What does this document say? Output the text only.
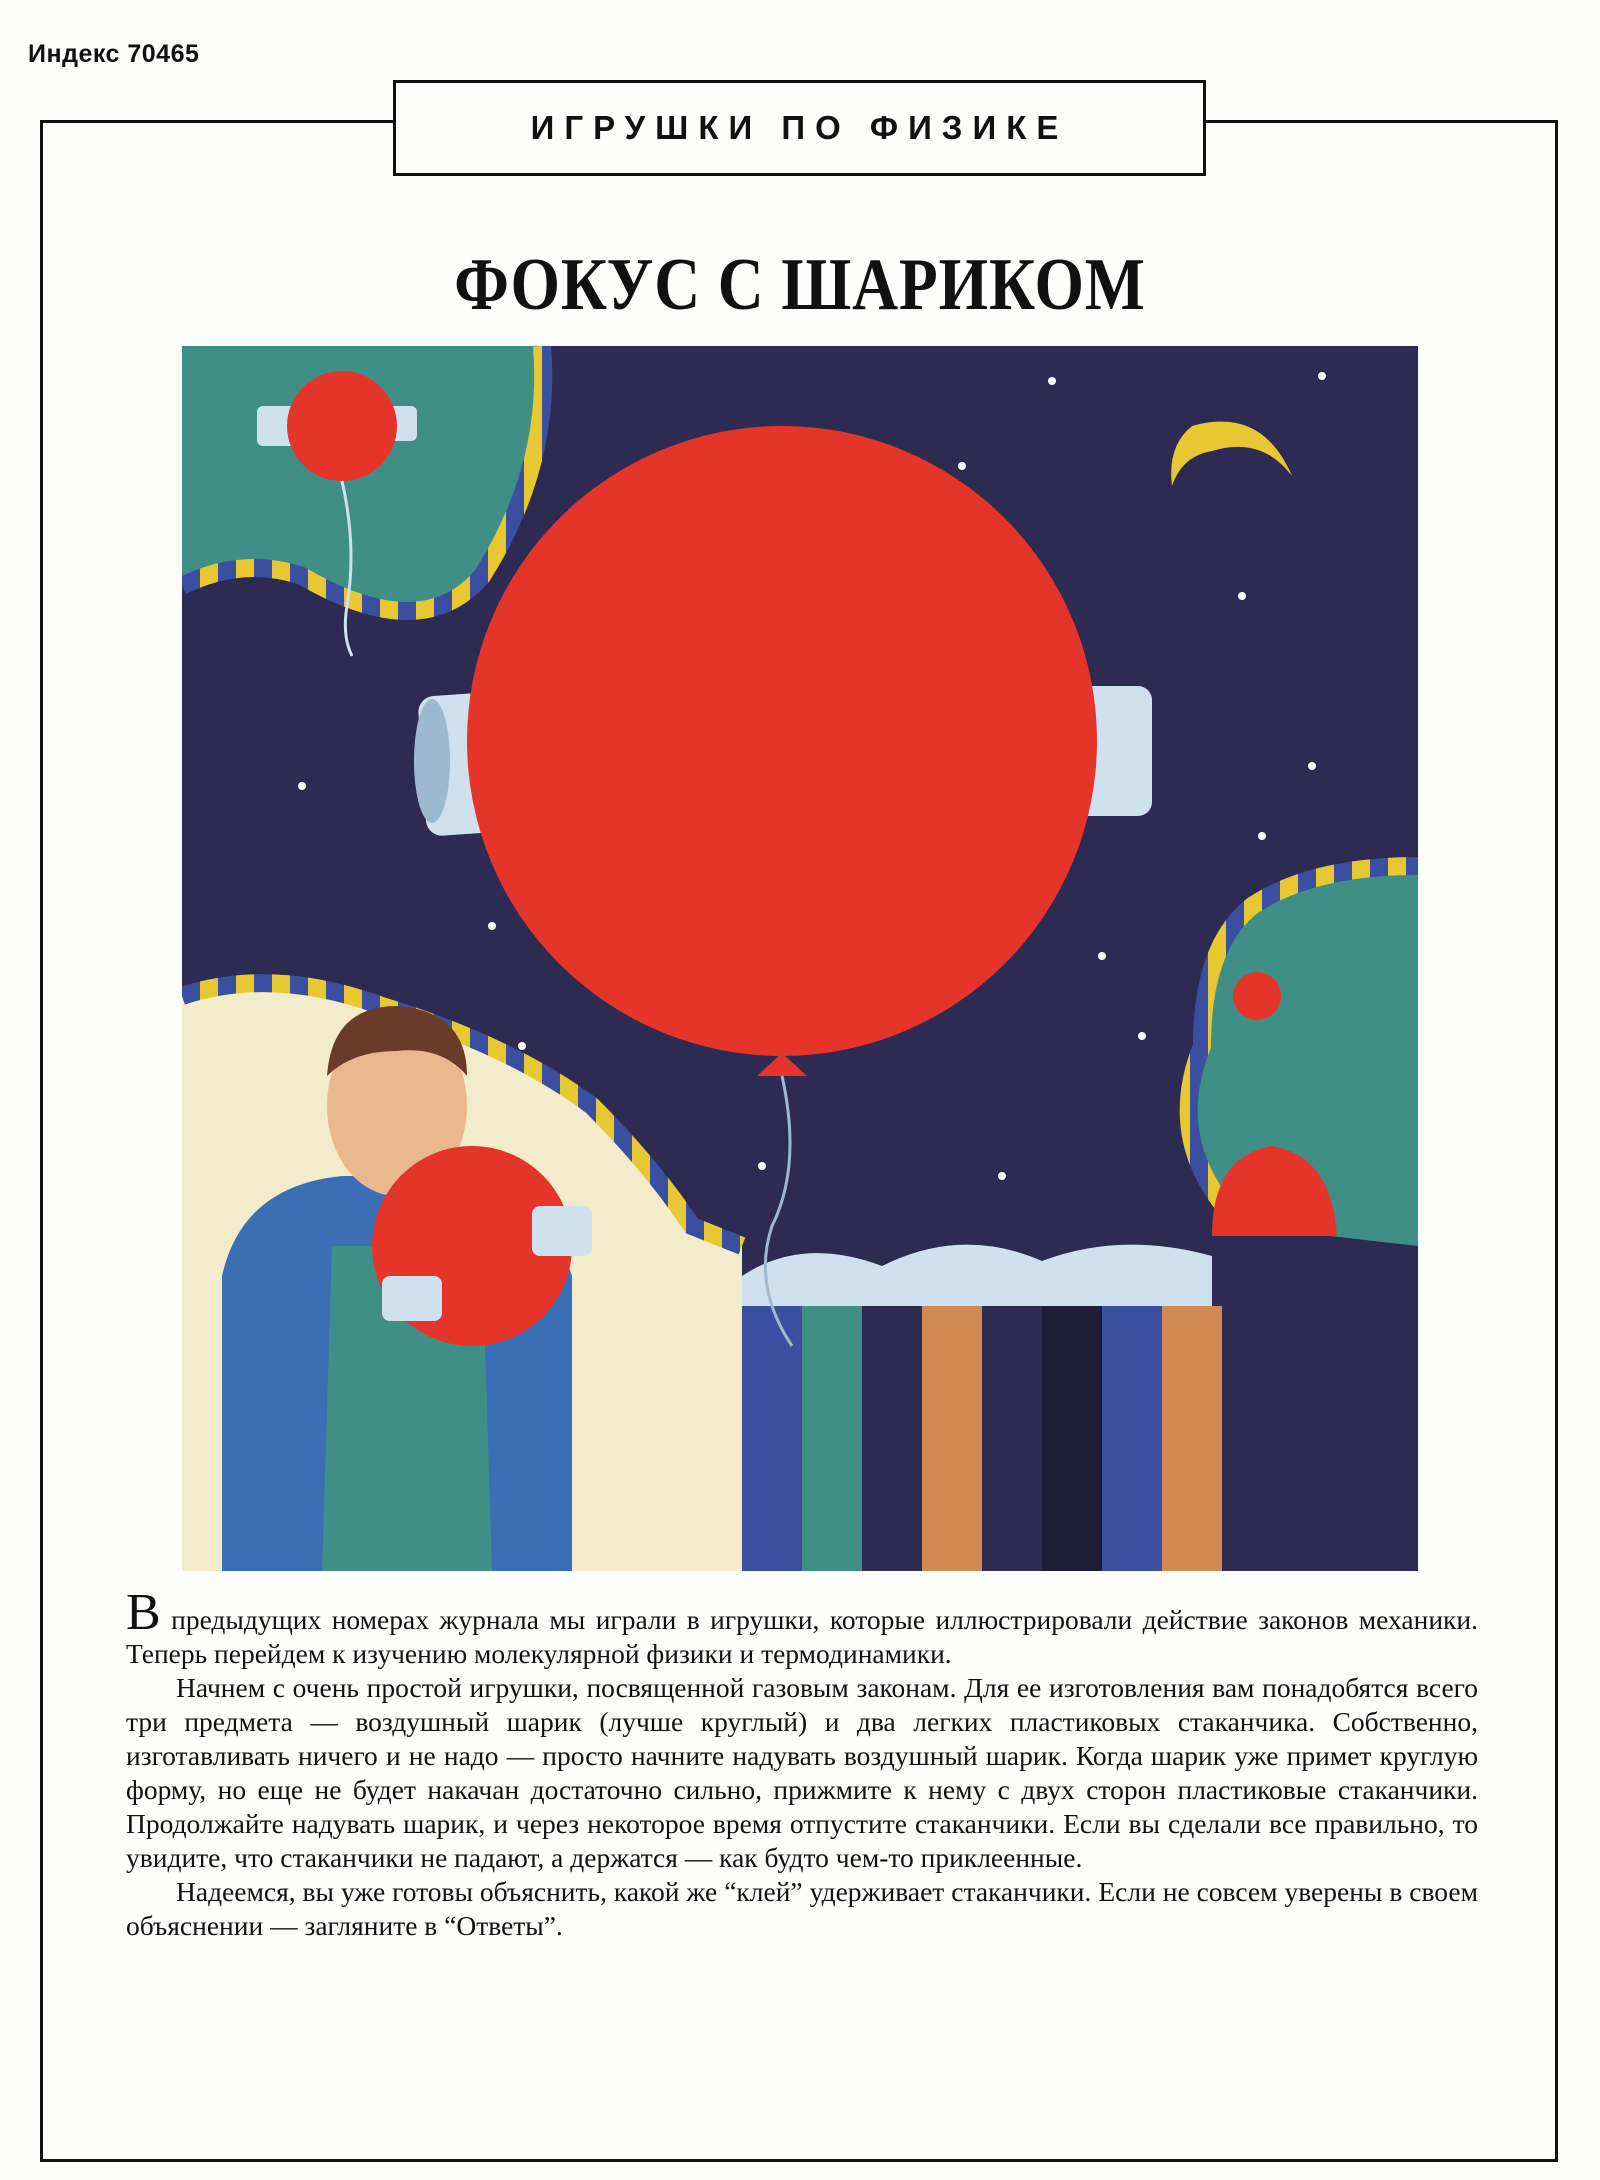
Индекс 70465
ИГРУШКИ ПО ФИЗИКЕ
ФОКУС С ШАРИКОМ

В предыдущих номерах журнала мы играли в игрушки, которые иллюстрировали действие законов механики. Теперь перейдем к изучению молекулярной физики и термодинамики.

Начнем с очень простой игрушки, посвященной газовым законам. Для ее изготовления вам понадобятся всего три предмета — воздушный шарик (лучше круглый) и два легких пластиковых стаканчика. Собственно, изготавливать ничего и не надо — просто начните надувать воздушный шарик. Когда шарик уже примет круглую форму, но еще не будет накачан достаточно сильно, прижмите к нему с двух сторон пластиковые стаканчики. Продолжайте надувать шарик, и через некоторое время отпустите стаканчики. Если вы сделали все правильно, то увидите, что стаканчики не падают, а держатся — как будто чем-то приклеенные.

Надеемся, вы уже готовы объяснить, какой же “клей” удерживает стаканчики. Если не совсем уверены в своем объяснении — загляните в “Ответы”.
